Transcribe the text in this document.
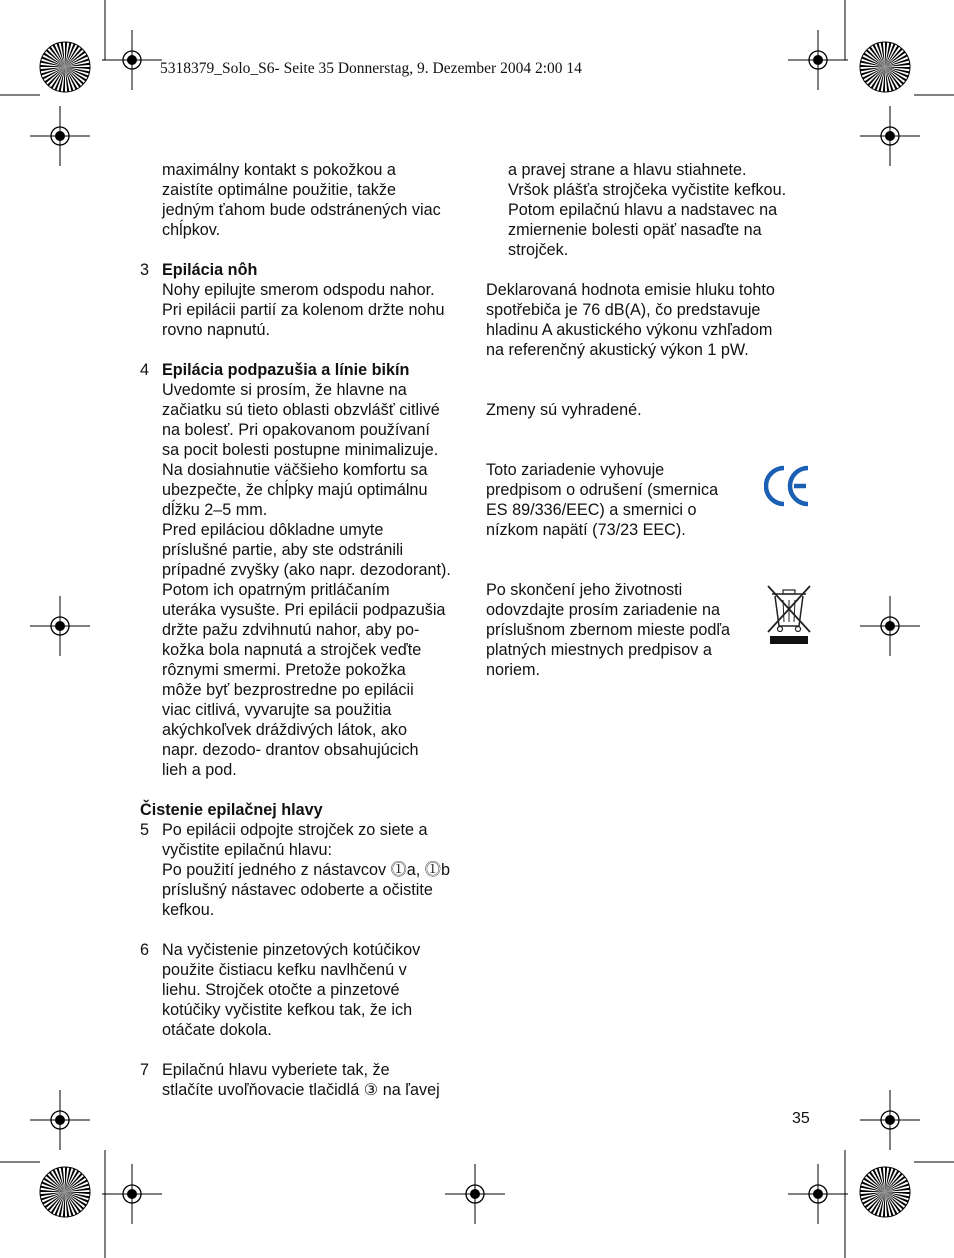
5318379_Solo_S6- Seite 35 Donnerstag, 9. Dezember 2004 2:00 14
maximálny kontakt s pokožkou a
zaistíte optimálne použitie, takže
jedným ťahom bude odstránených viac
chĺpkov.
3 Epilácia nôh
Nohy epilujte smerom odspodu nahor.
Pri epilácii partií za kolenom držte nohu
rovno napnutú.
4 Epilácia podpazušia a línie bikín
Uvedomte si prosím, že hlavne na
začiatku sú tieto oblasti obzvlášť citlivé
na bolesť. Pri opakovanom používaní
sa pocit bolesti postupne minimalizuje.
Na dosiahnutie väčšieho komfortu sa
ubezpečte, že chĺpky majú optimálnu
dĺžku 2–5 mm.
Pred epiláciou dôkladne umyte
príslušné partie, aby ste odstránili
prípadné zvyšky (ako napr. dezodorant).
Potom ich opatrným pritláčaním
uteráka vysušte. Pri epilácii podpazušia
držte pažu zdvihnutú nahor, aby po-
kožka bola napnutá a strojček veďte
rôznymi smermi. Pretože pokožka
môže byť bezprostredne po epilácii
viac citlivá, vyvarujte sa použitia
akýchkoľvek dráždivých látok, ako
napr. dezodo- drantov obsahujúcich
lieh a pod.
Čistenie epilačnej hlavy
5 Po epilácii odpojte strojček zo siete a
vyčistite epilačnú hlavu:
Po použití jedného z nástavcov ⓵a, ⓵b
príslušný nástavec odoberte a očistite
kefkou.
6 Na vyčistenie pinzetových kotúčikov
použite čistiacu kefku navlhčenú v
liehu. Strojček otočte a pinzetové
kotúčiky vyčistite kefkou tak, že ich
otáčate dokola.
7 Epilačnú hlavu vyberiete tak, že
stlačíte uvoľňovacie tlačidlá ③ na ľavej
a pravej strane a hlavu stiahnete.
Vršok plášťa strojčeka vyčistite kefkou.
Potom epilačnú hlavu a nadstavec na
zmiernenie bolesti opäť nasaďte na
strojček.
Deklarovaná hodnota emisie hluku tohto
spotřebiča je 76 dB(A), čo predstavuje
hladinu A akustického výkonu vzhľadom
na referenčný akustický výkon 1 pW.
Zmeny sú vyhradené.
Toto zariadenie vyhovuje
predpisom o odrušení (smernica
ES 89/336/EEC) a smernici o
nízkom napätí (73/23 EEC).
Po skončení jeho životnosti
odovzdajte prosím zariadenie na
príslušnom zbernom mieste podľa
platných miestnych predpisov a
noriem.
35
